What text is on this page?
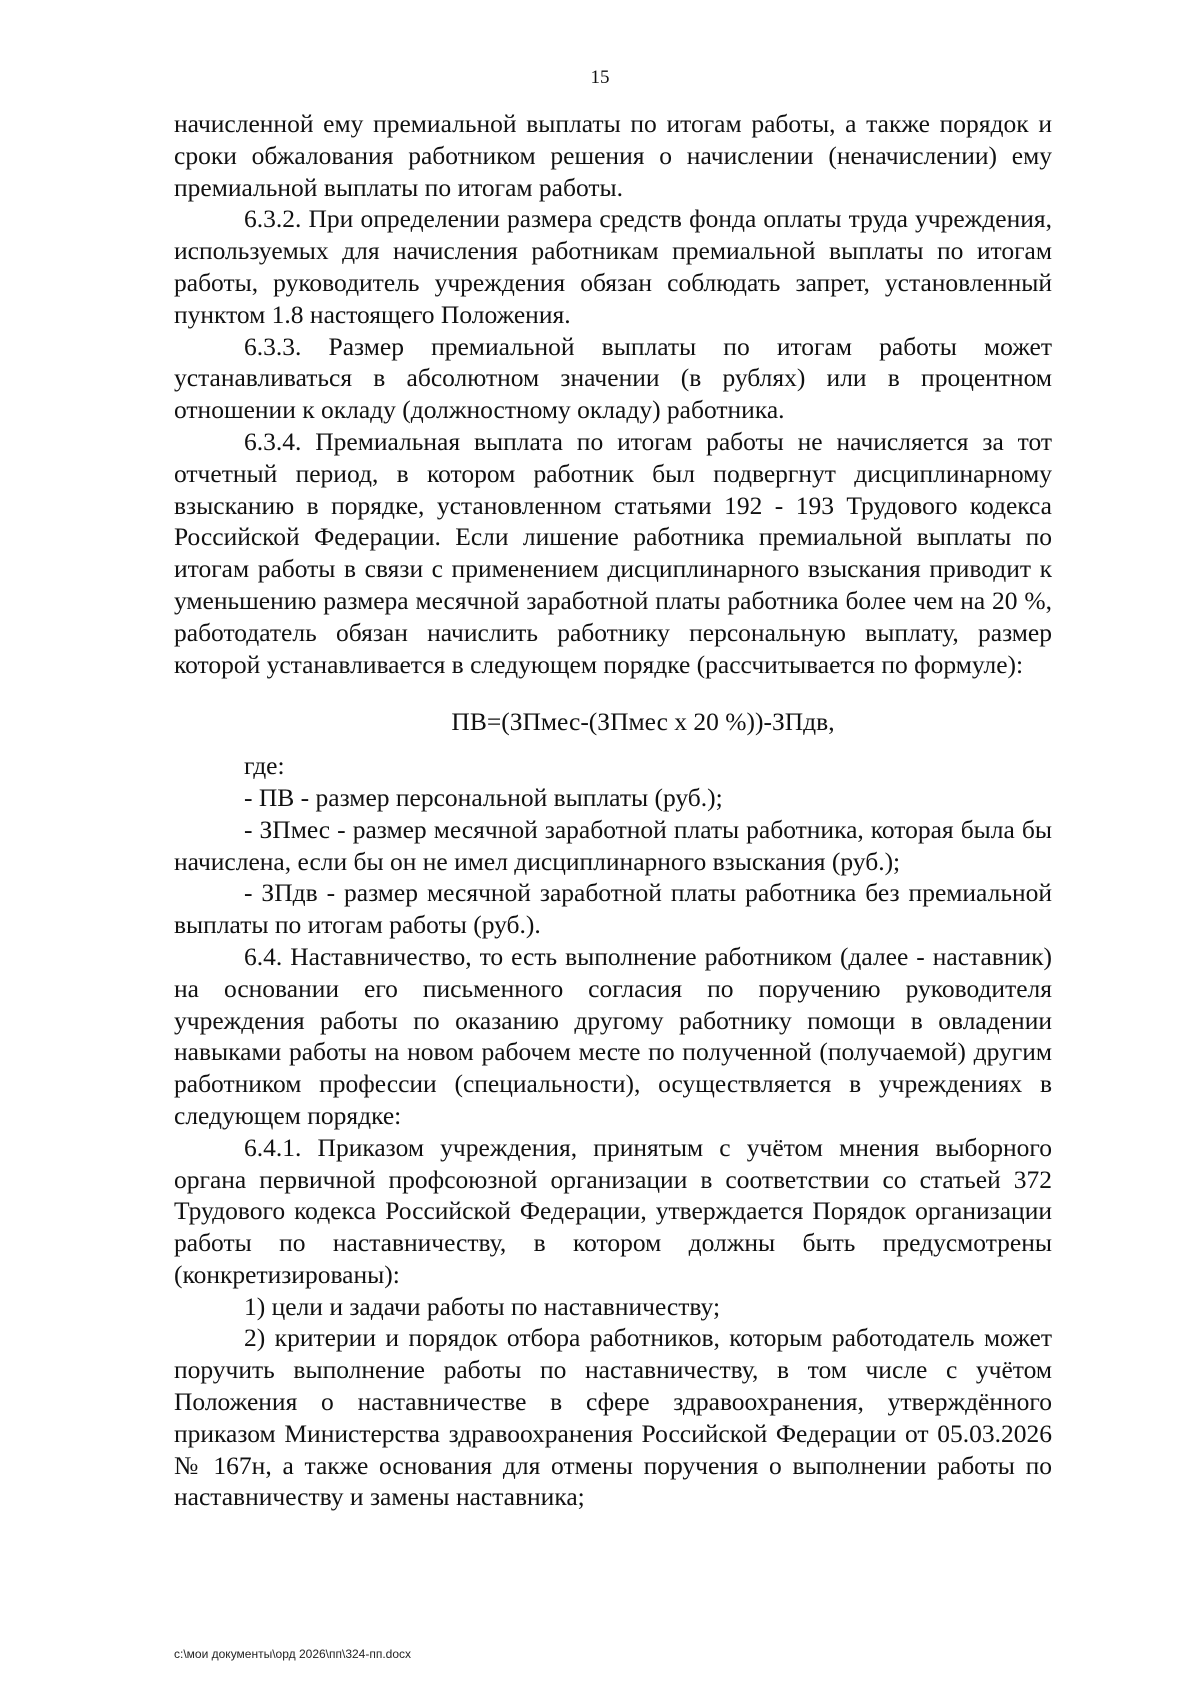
15

начисленной ему премиальной выплаты по итогам работы, а также порядок и сроки обжалования работником решения о начислении (неначислении) ему премиальной выплаты по итогам работы.

6.3.2. При определении размера средств фонда оплаты труда учреждения, используемых для начисления работникам премиальной выплаты по итогам работы, руководитель учреждения обязан соблюдать запрет, установленный пунктом 1.8 настоящего Положения.

6.3.3. Размер премиальной выплаты по итогам работы может устанавливаться в абсолютном значении (в рублях) или в процентном отношении к окладу (должностному окладу) работника.

6.3.4. Премиальная выплата по итогам работы не начисляется за тот отчетный период, в котором работник был подвергнут дисциплинарному взысканию в порядке, установленном статьями 192 - 193 Трудового кодекса Российской Федерации. Если лишение работника премиальной выплаты по итогам работы в связи с применением дисциплинарного взыскания приводит к уменьшению размера месячной заработной платы работника более чем на 20 %, работодатель обязан начислить работнику персональную выплату, размер которой устанавливается в следующем порядке (рассчитывается по формуле):

ПВ=(ЗПмес-(ЗПмес х 20 %))-ЗПдв,

где:

- ПВ - размер персональной выплаты (руб.);

- ЗПмес - размер месячной заработной платы работника, которая была бы начислена, если бы он не имел дисциплинарного взыскания (руб.);

- ЗПдв - размер месячной заработной платы работника без премиальной выплаты по итогам работы (руб.).

6.4. Наставничество, то есть выполнение работником (далее - наставник) на основании его письменного согласия по поручению руководителя учреждения работы по оказанию другому работнику помощи в овладении навыками работы на новом рабочем месте по полученной (получаемой) другим работником профессии (специальности), осуществляется в учреждениях в следующем порядке:

6.4.1. Приказом учреждения, принятым с учётом мнения выборного органа первичной профсоюзной организации в соответствии со статьей 372 Трудового кодекса Российской Федерации, утверждается Порядок организации работы по наставничеству, в котором должны быть предусмотрены (конкретизированы):

1) цели и задачи работы по наставничеству;

2) критерии и порядок отбора работников, которым работодатель может поручить выполнение работы по наставничеству, в том числе с учётом Положения о наставничестве в сфере здравоохранения, утверждённого приказом Министерства здравоохранения Российской Федерации от 05.03.2026 № 167н, а также основания для отмены поручения о выполнении работы по наставничеству и замены наставника;

c:\мои документы\орд 2026\пп\324-пп.docx
